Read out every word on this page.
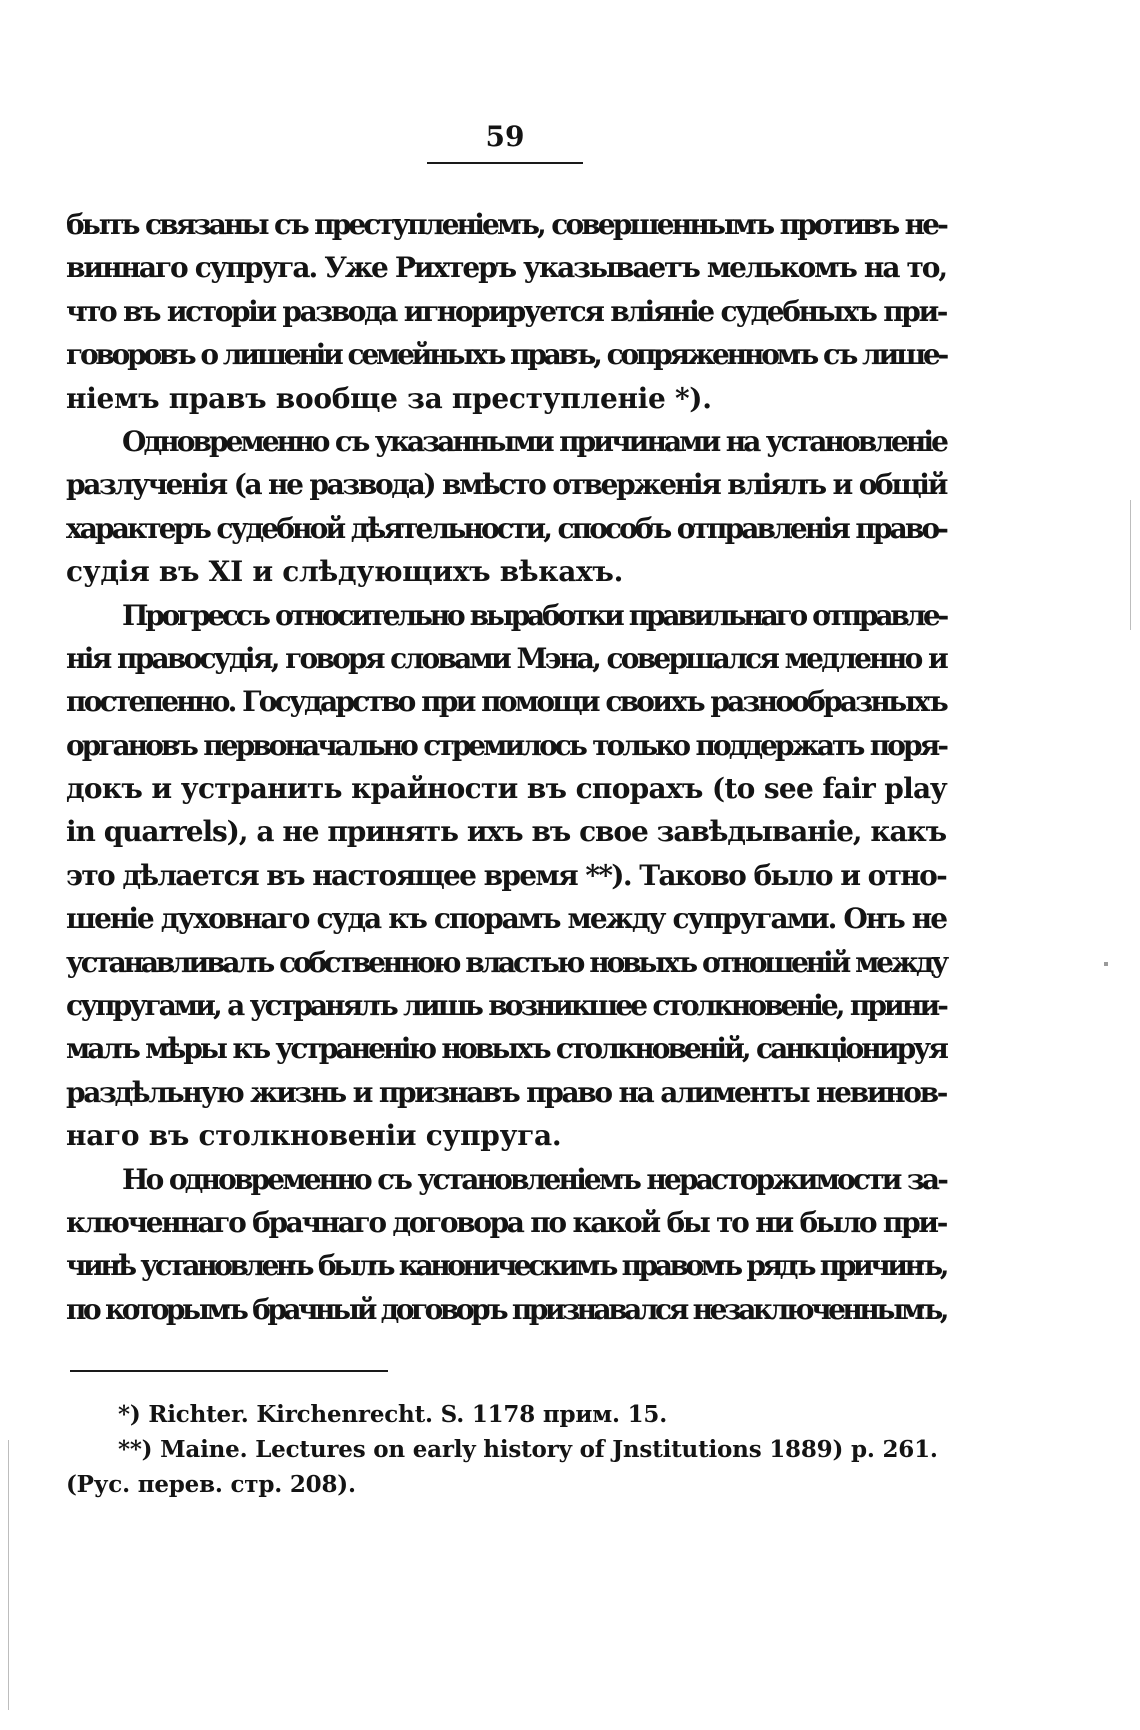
59
быть связаны съ преступленіемъ, совершеннымъ противъ не-
виннаго супруга. Уже Рихтеръ указываетъ мелькомъ на то,
что въ исторіи развода игнорируется вліяніе судебныхъ при-
говоровъ о лишеніи семейныхъ правъ, сопряженномъ съ лише-
ніемъ правъ вообще за преступленіе *).
Одновременно съ указанными причинами на установленіе
разлученія (а не развода) вмѣсто отверженія вліялъ и общій
характеръ судебной дѣятельности, способъ отправленія право-
судія въ XI и слѣдующихъ вѣкахъ.
Прогрессъ относительно выработки правильнаго отправле-
нія правосудія, говоря словами Мэна, совершался медленно и
постепенно. Государство при помощи своихъ разнообразныхъ
органовъ первоначально стремилось только поддержать поря-
докъ и устранить крайности въ спорахъ (to see fair play
in quarrels), а не принять ихъ въ свое завѣдываніе, какъ
это дѣлается въ настоящее время **). Таково было и отно-
шеніе духовнаго суда къ спорамъ между супругами. Онъ не
устанавливалъ собственною властью новыхъ отношеній между
супругами, а устранялъ лишь возникшее столкновеніе, прини-
малъ мѣры къ устраненію новыхъ столкновеній, санкціонируя
раздѣльную жизнь и признавъ право на алименты невинов-
наго въ столкновеніи супруга.
Но одновременно съ установленіемъ нерасторжимости за-
ключеннаго брачнаго договора по какой бы то ни было при-
чинѣ установленъ былъ каноническимъ правомъ рядъ причинъ,
по которымъ брачный договоръ признавался незаключеннымъ,
*) Richter. Kirchenrecht. S. 1178 прим. 15.
**) Maine. Lectures on early history of Jnstitutions 1889) p. 261.
(Рус. перев. стр. 208).
